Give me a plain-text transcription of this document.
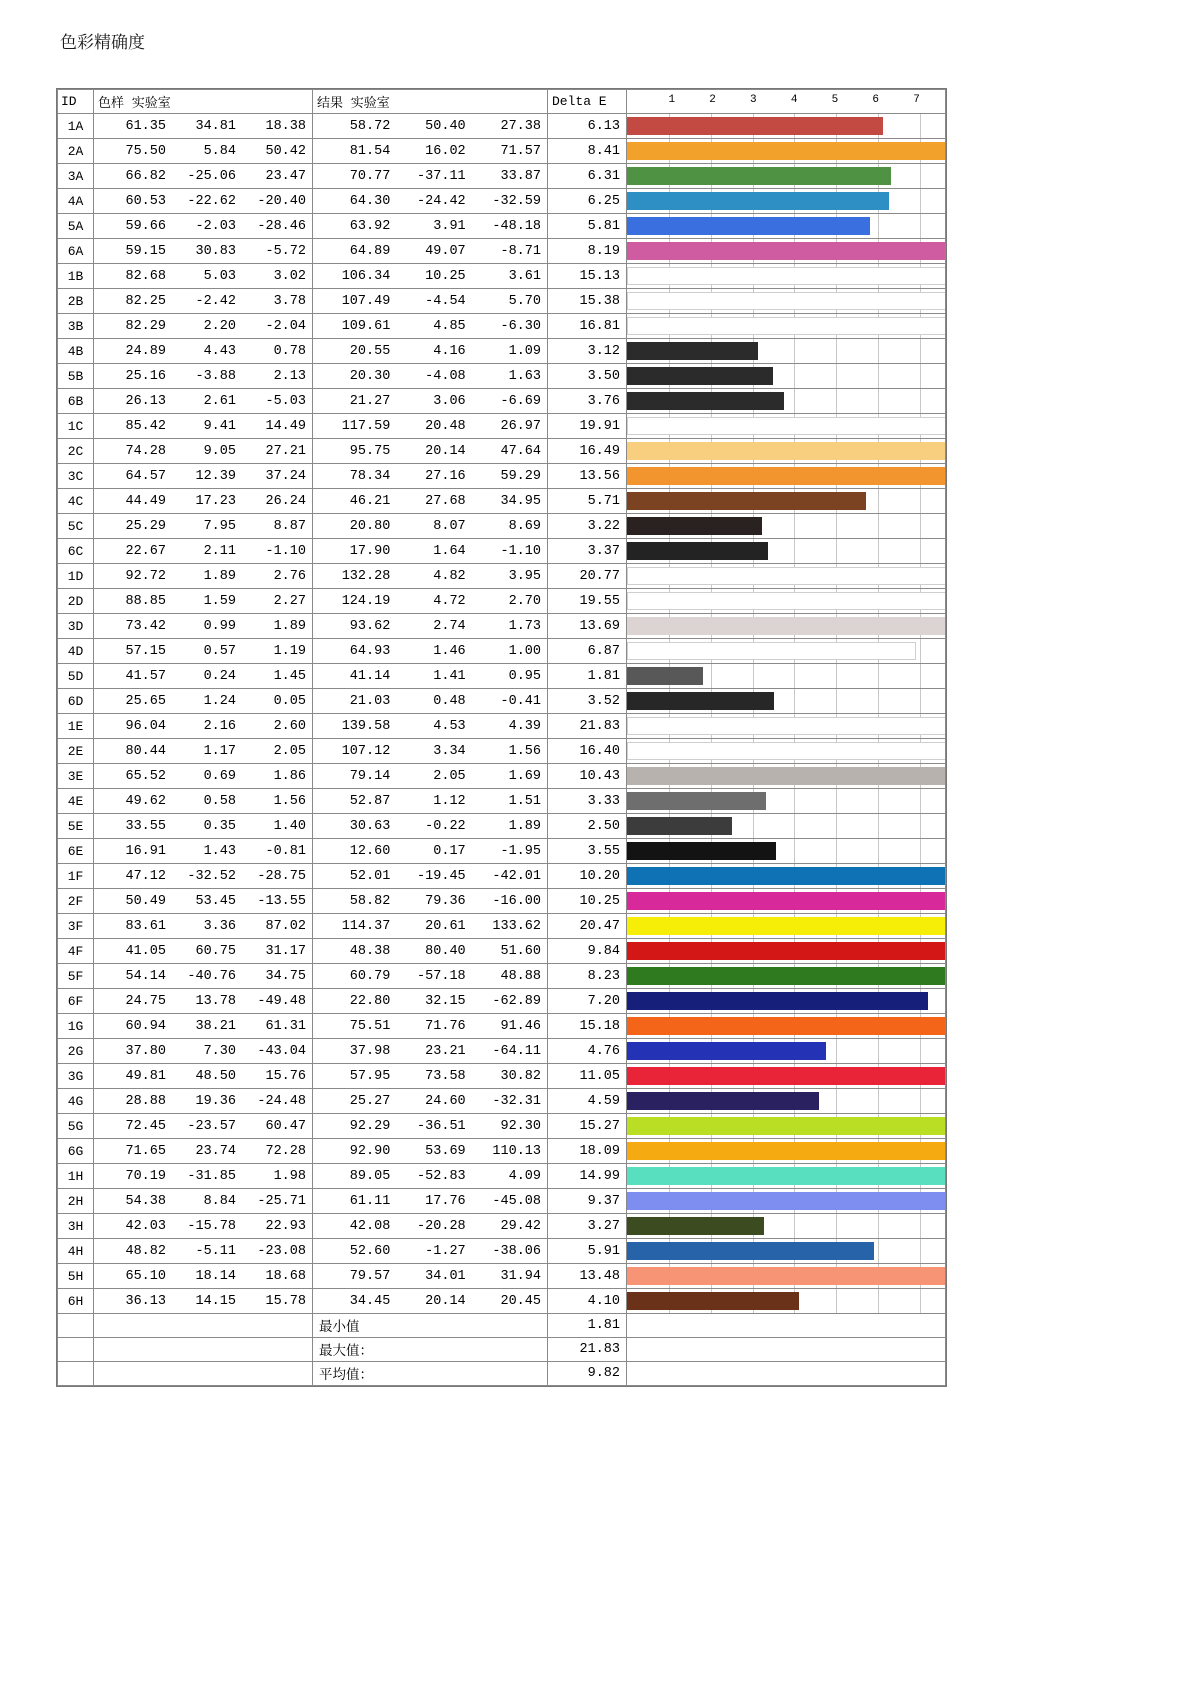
色彩精确度
ID	色样 实验室	结果 实验室	Delta E	1	2	3	4	5	6	7

1A	61.35 34.81 18.38	58.72 50.40 27.38	6.13	

2A	75.50 5.84 50.42	81.54 16.02 71.57	8.41	

3A	66.82 -25.06 23.47	70.77 -37.11 33.87	6.31	

4A	60.53 -22.62 -20.40	64.30 -24.42 -32.59	6.25	

5A	59.66 -2.03 -28.46	63.92 3.91 -48.18	5.81	

6A	59.15 30.83 -5.72	64.89 49.07 -8.71	8.19	

1B	82.68 5.03 3.02	106.34 10.25 3.61	15.13	

2B	82.25 -2.42 3.78	107.49 -4.54 5.70	15.38	

3B	82.29 2.20 -2.04	109.61 4.85 -6.30	16.81	

4B	24.89 4.43 0.78	20.55 4.16 1.09	3.12	

5B	25.16 -3.88 2.13	20.30 -4.08 1.63	3.50	

6B	26.13 2.61 -5.03	21.27 3.06 -6.69	3.76	

1C	85.42 9.41 14.49	117.59 20.48 26.97	19.91	

2C	74.28 9.05 27.21	95.75 20.14 47.64	16.49	

3C	64.57 12.39 37.24	78.34 27.16 59.29	13.56	

4C	44.49 17.23 26.24	46.21 27.68 34.95	5.71	

5C	25.29 7.95 8.87	20.80 8.07 8.69	3.22	

6C	22.67 2.11 -1.10	17.90 1.64 -1.10	3.37	

1D	92.72 1.89 2.76	132.28 4.82 3.95	20.77	

2D	88.85 1.59 2.27	124.19 4.72 2.70	19.55	

3D	73.42 0.99 1.89	93.62 2.74 1.73	13.69	

4D	57.15 0.57 1.19	64.93 1.46 1.00	6.87	

5D	41.57 0.24 1.45	41.14 1.41 0.95	1.81	

6D	25.65 1.24 0.05	21.03 0.48 -0.41	3.52	

1E	96.04 2.16 2.60	139.58 4.53 4.39	21.83	

2E	80.44 1.17 2.05	107.12 3.34 1.56	16.40	

3E	65.52 0.69 1.86	79.14 2.05 1.69	10.43	

4E	49.62 0.58 1.56	52.87 1.12 1.51	3.33	

5E	33.55 0.35 1.40	30.63 -0.22 1.89	2.50	

6E	16.91 1.43 -0.81	12.60 0.17 -1.95	3.55	

1F	47.12 -32.52 -28.75	52.01 -19.45 -42.01	10.20	

2F	50.49 53.45 -13.55	58.82 79.36 -16.00	10.25	

3F	83.61 3.36 87.02	114.37 20.61 133.62	20.47	

4F	41.05 60.75 31.17	48.38 80.40 51.60	9.84	

5F	54.14 -40.76 34.75	60.79 -57.18 48.88	8.23	

6F	24.75 13.78 -49.48	22.80 32.15 -62.89	7.20	

1G	60.94 38.21 61.31	75.51 71.76 91.46	15.18	

2G	37.80 7.30 -43.04	37.98 23.21 -64.11	4.76	

3G	49.81 48.50 15.76	57.95 73.58 30.82	11.05	

4G	28.88 19.36 -24.48	25.27 24.60 -32.31	4.59	

5G	72.45 -23.57 60.47	92.29 -36.51 92.30	15.27	

6G	71.65 23.74 72.28	92.90 53.69 110.13	18.09	

1H	70.19 -31.85 1.98	89.05 -52.83 4.09	14.99	

2H	54.38 8.84 -25.71	61.11 17.76 -45.08	9.37	

3H	42.03 -15.78 22.93	42.08 -20.28 29.42	3.27	

4H	48.82 -5.11 -23.08	52.60 -1.27 -38.06	5.91	

5H	65.10 18.14 18.68	79.57 34.01 31.94	13.48	

6H	36.13 14.15 15.78	34.45 20.14 20.45	4.10	

		最小值	1.81	
		最大值：	21.83	
		平均值：	9.82	
